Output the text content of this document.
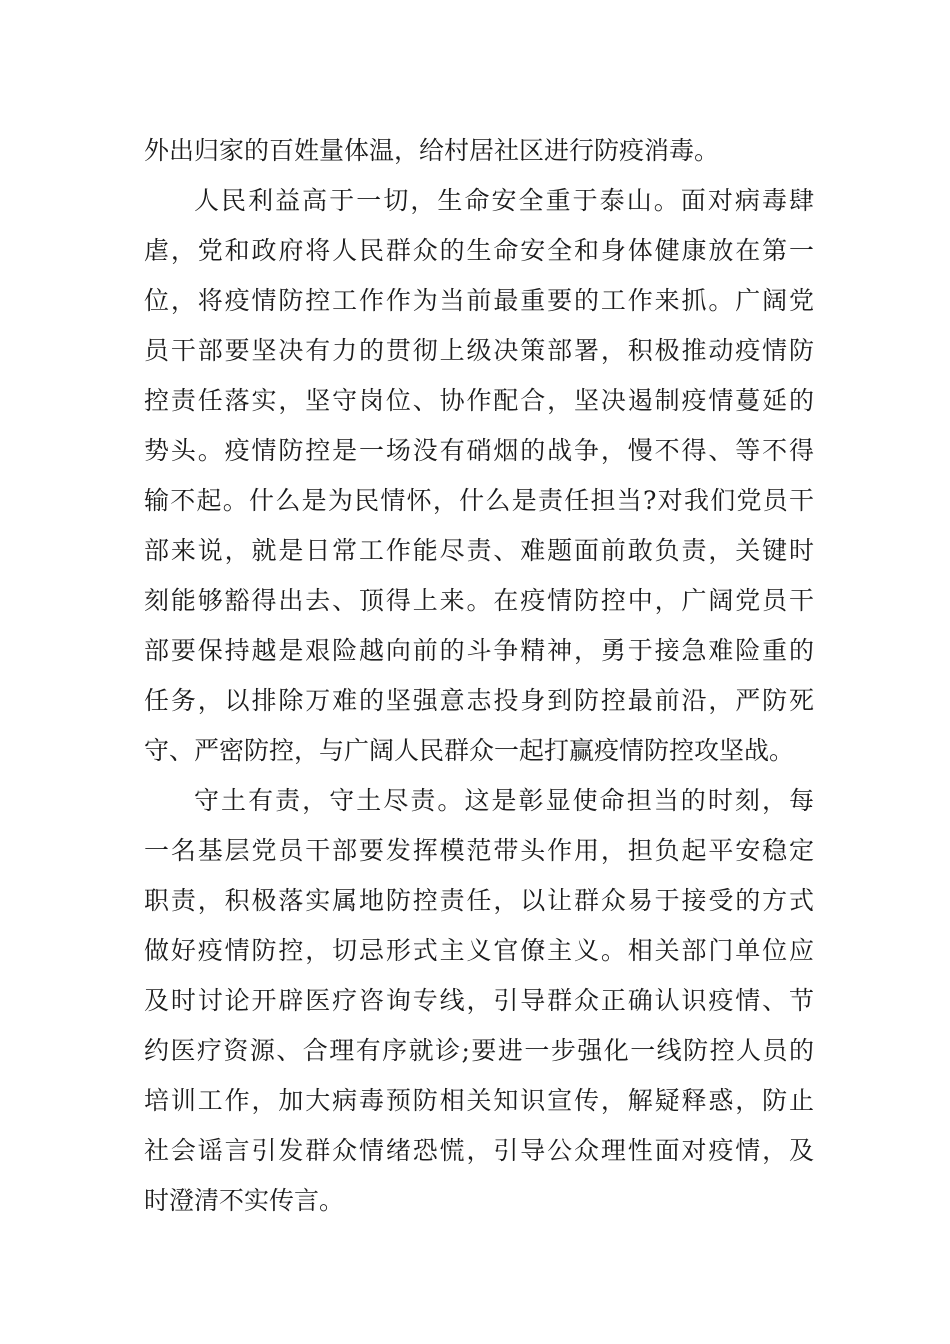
外出归家的百姓量体温，给村居社区进行防疫消毒。
人民利益高于一切，生命安全重于泰山。面对病毒肆
虐，党和政府将人民群众的生命安全和身体健康放在第一
位，将疫情防控工作作为当前最重要的工作来抓。广阔党
员干部要坚决有力的贯彻上级决策部署，积极推动疫情防
控责任落实，坚守岗位、协作配合，坚决遏制疫情蔓延的
势头。疫情防控是一场没有硝烟的战争，慢不得、等不得
输不起。什么是为民情怀，什么是责任担当?对我们党员干
部来说，就是日常工作能尽责、难题面前敢负责，关键时
刻能够豁得出去、顶得上来。在疫情防控中，广阔党员干
部要保持越是艰险越向前的斗争精神，勇于接急难险重的
任务，以排除万难的坚强意志投身到防控最前沿，严防死
守、严密防控，与广阔人民群众一起打赢疫情防控攻坚战。
守土有责，守土尽责。这是彰显使命担当的时刻，每
一名基层党员干部要发挥模范带头作用，担负起平安稳定
职责，积极落实属地防控责任，以让群众易于接受的方式
做好疫情防控，切忌形式主义官僚主义。相关部门单位应
及时讨论开辟医疗咨询专线，引导群众正确认识疫情、节
约医疗资源、合理有序就诊;要进一步强化一线防控人员的
培训工作，加大病毒预防相关知识宣传，解疑释惑，防止
社会谣言引发群众情绪恐慌，引导公众理性面对疫情，及
时澄清不实传言。
